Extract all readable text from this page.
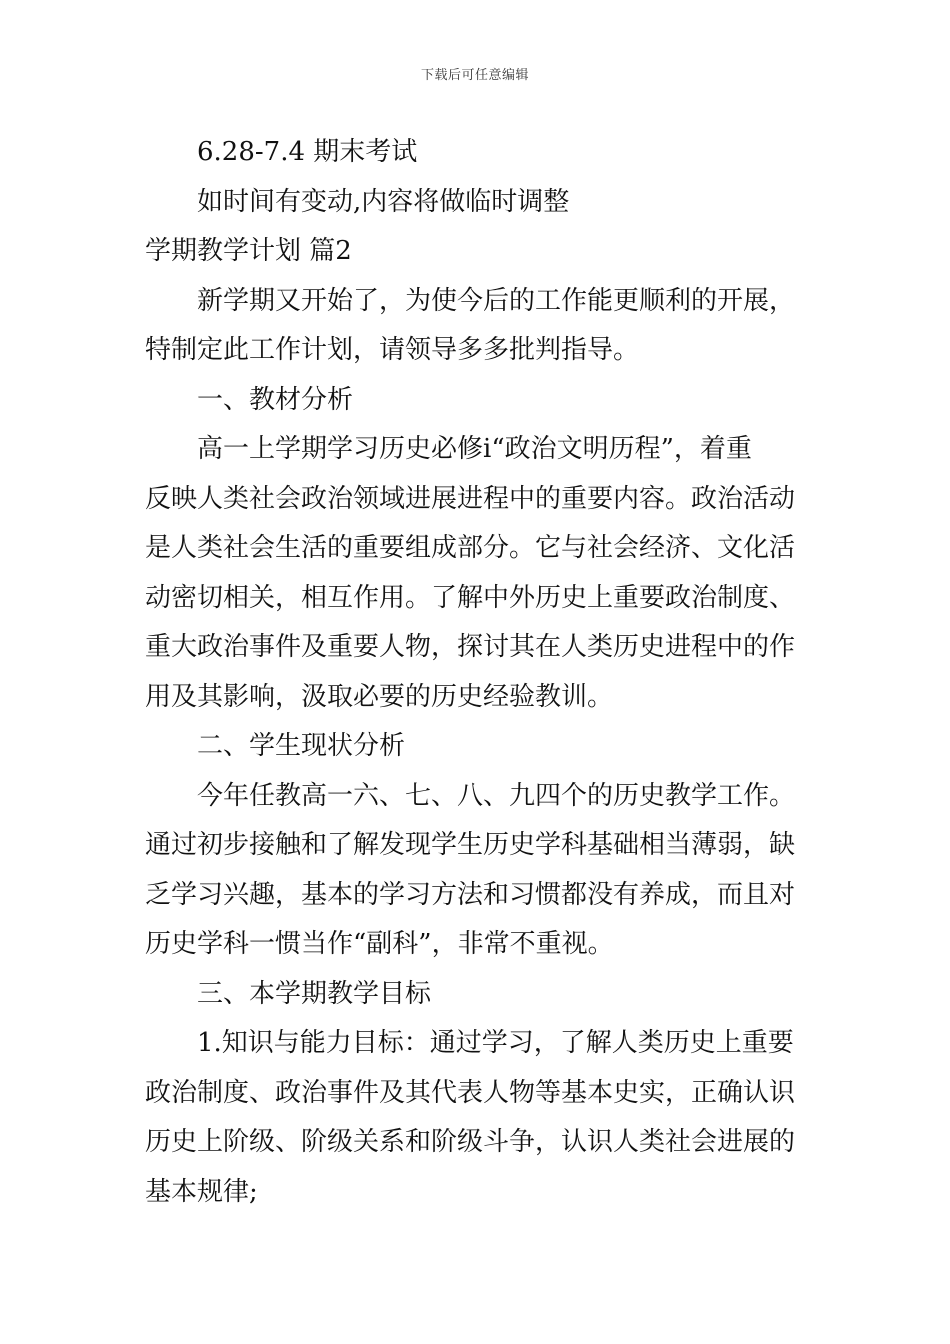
下载后可任意编辑
6.28-7.4 期末考试
如时间有变动,内容将做临时调整
学期教学计划 篇2
新学期又开始了，为使今后的工作能更顺利的开展，
特制定此工作计划，请领导多多批判指导。
一、教材分析
高一上学期学习历史必修ⅰ“政治文明历程”，着重
反映人类社会政治领域进展进程中的重要内容。政治活动
是人类社会生活的重要组成部分。它与社会经济、文化活
动密切相关，相互作用。了解中外历史上重要政治制度、
重大政治事件及重要人物，探讨其在人类历史进程中的作
用及其影响，汲取必要的历史经验教训。
二、学生现状分析
今年任教高一六、七、八、九四个的历史教学工作。
通过初步接触和了解发现学生历史学科基础相当薄弱，缺
乏学习兴趣，基本的学习方法和习惯都没有养成，而且对
历史学科一惯当作“副科”，非常不重视。
三、本学期教学目标
1.知识与能力目标：通过学习，了解人类历史上重要
政治制度、政治事件及其代表人物等基本史实，正确认识
历史上阶级、阶级关系和阶级斗争，认识人类社会进展的
基本规律;
